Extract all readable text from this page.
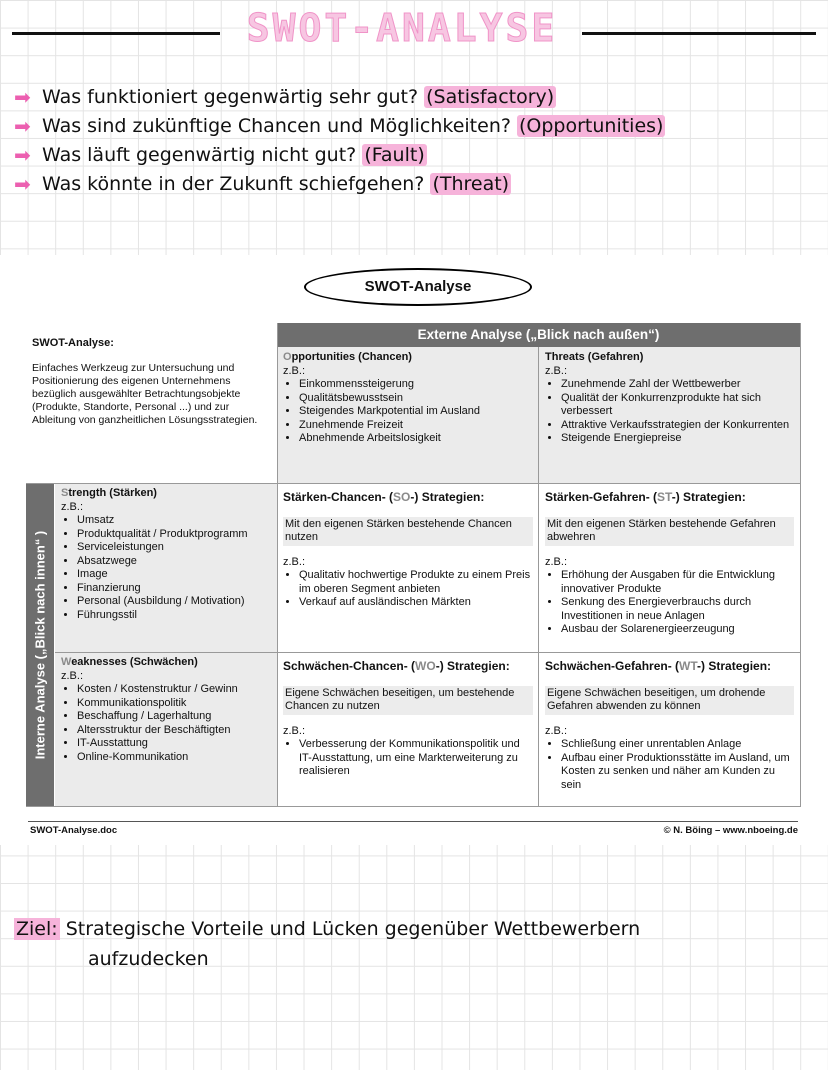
SWOT-ANALYSE
➡ Was funktioniert gegenwärtig sehr gut?
(Satisfactory)
➡ Was sind zukünftige Chancen und Möglichkeiten?
(Opportunities)
➡ Was läuft gegenwärtig nicht gut?
(Fault)
➡ Was könnte in der Zukunft schiefgehen?
(Threat)
SWOT-Analyse
SWOT-Analyse:
Einfaches Werkzeug zur Untersuchung und Positionierung des eigenen Unternehmens bezüglich ausgewählter Betrachtungsobjekte (Produkte, Standorte, Personal ...) und zur Ableitung von ganzheitlichen Lösungsstrategien.
Externe Analyse („Blick nach außen“)
Opportunities (Chancen)
z.B.:
• Einkommenssteigerung
• Qualitätsbewusstsein
• Steigendes Markpotential im Ausland
• Zunehmende Freizeit
• Abnehmende Arbeitslosigkeit
Threats (Gefahren)
z.B.:
• Zunehmende Zahl der Wettbewerber
• Qualität der Konkurrenzprodukte hat sich verbessert
• Attraktive Verkaufsstrategien der Konkurrenten
• Steigende Energiepreise
Interne Analyse („Blick nach innen“ )
Strength (Stärken)
z.B.:
• Umsatz
• Produktqualität / Produktprogramm
• Serviceleistungen
• Absatzwege
• Image
• Finanzierung
• Personal (Ausbildung / Motivation)
• Führungsstil
Stärken-Chancen- (SO-) Strategien:
Mit den eigenen Stärken bestehende Chancen nutzen
z.B.:
• Qualitativ hochwertige Produkte zu einem Preis im oberen Segment anbieten
• Verkauf auf ausländischen Märkten
Stärken-Gefahren- (ST-) Strategien:
Mit den eigenen Stärken bestehende Gefahren abwehren
z.B.:
• Erhöhung der Ausgaben für die Entwicklung innovativer Produkte
• Senkung des Energieverbrauchs durch Investitionen in neue Anlagen
• Ausbau der Solarenergieerzeugung
Weaknesses (Schwächen)
z.B.:
• Kosten / Kostenstruktur / Gewinn
• Kommunikationspolitik
• Beschaffung / Lagerhaltung
• Altersstruktur der Beschäftigten
• IT-Ausstattung
• Online-Kommunikation
Schwächen-Chancen- (WO-) Strategien:
Eigene Schwächen beseitigen, um bestehende Chancen zu nutzen
z.B.:
• Verbesserung der Kommunikationspolitik und IT-Ausstattung, um eine Markterweiterung zu realisieren
Schwächen-Gefahren- (WT-) Strategien:
Eigene Schwächen beseitigen, um drohende Gefahren abwenden zu können
z.B.:
• Schließung einer unrentablen Anlage
• Aufbau einer Produktionsstätte im Ausland, um Kosten zu senken und näher am Kunden zu sein
SWOT-Analyse.doc	© N. Böing – www.nboeing.de
Ziel: Strategische Vorteile und Lücken gegenüber Wettbewerbern
aufzudecken
